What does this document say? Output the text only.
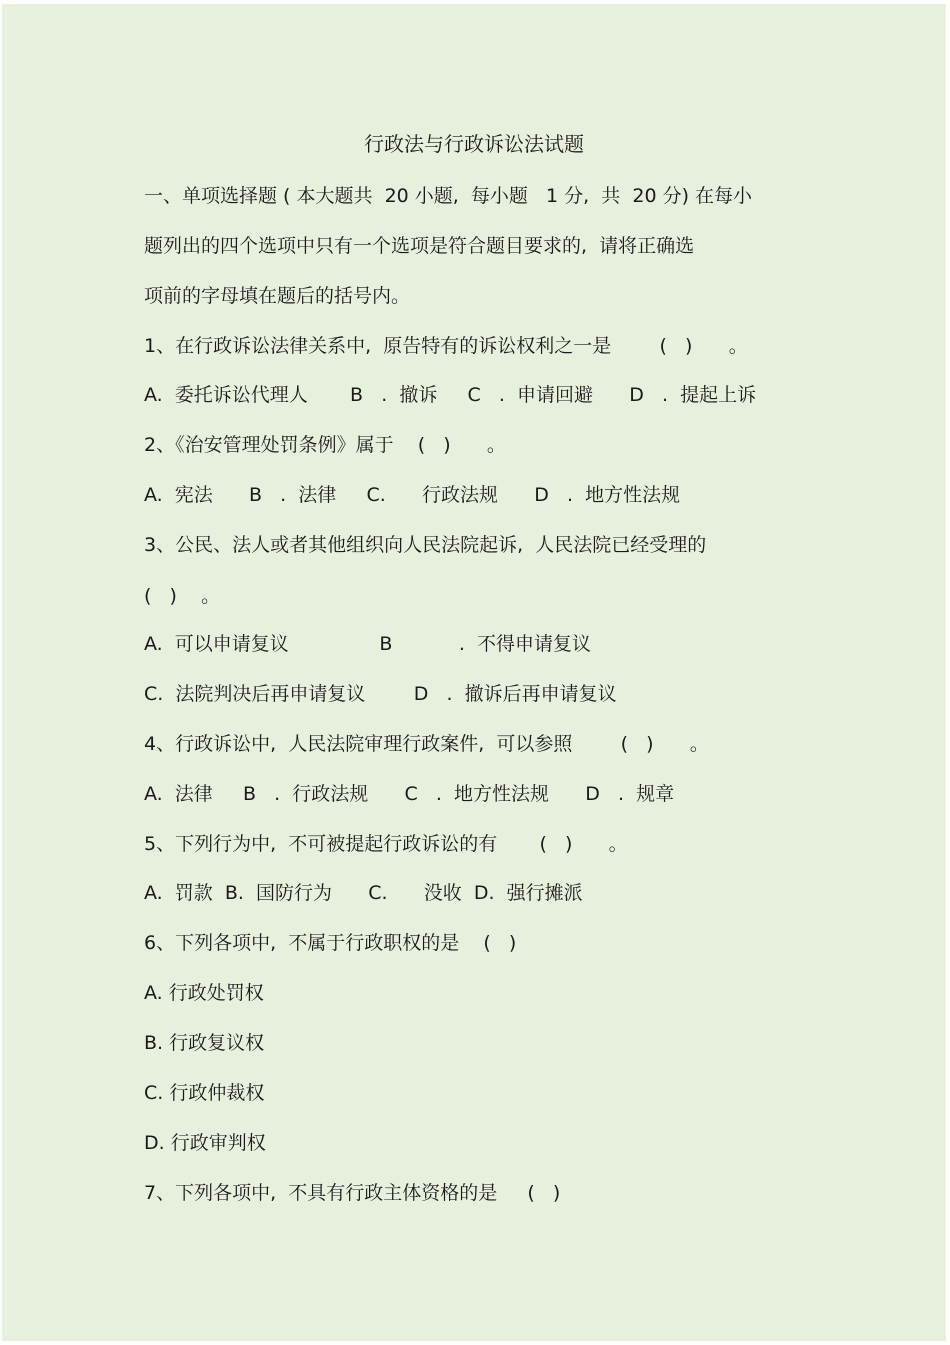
行政法与行政诉讼法试题
一、单项选择题 ( 本大题共  20 小题,  每小题   1 分,  共  20 分) 在每小
题列出的四个选项中只有一个选项是符合题目要求的,  请将正确选
项前的字母填在题后的括号内。
1、在行政诉讼法律关系中,  原告特有的诉讼权利之一是        (   )      。
A.  委托诉讼代理人       B   .  撤诉     C   .  申请回避      D   .  提起上诉
2、《治安管理处罚条例》属于    (   )      。
A.  宪法      B   .  法律     C.      行政法规      D   .  地方性法规
3、公民、法人或者其他组织向人民法院起诉,  人民法院已经受理的
(   )    。
A.  可以申请复议               B           .  不得申请复议
C.  法院判决后再申请复议        D   .  撤诉后再申请复议
4、行政诉讼中,  人民法院审理行政案件,  可以参照        (   )      。
A.  法律     B   .  行政法规      C   .  地方性法规      D   .  规章
5、下列行为中,  不可被提起行政诉讼的有       (   )      。
A.  罚款  B.  国防行为      C.      没收  D.  强行摊派
6、下列各项中,  不属于行政职权的是    (   )
A. 行政处罚权
B. 行政复议权
C. 行政仲裁权
D. 行政审判权
7、下列各项中,  不具有行政主体资格的是     (   )
